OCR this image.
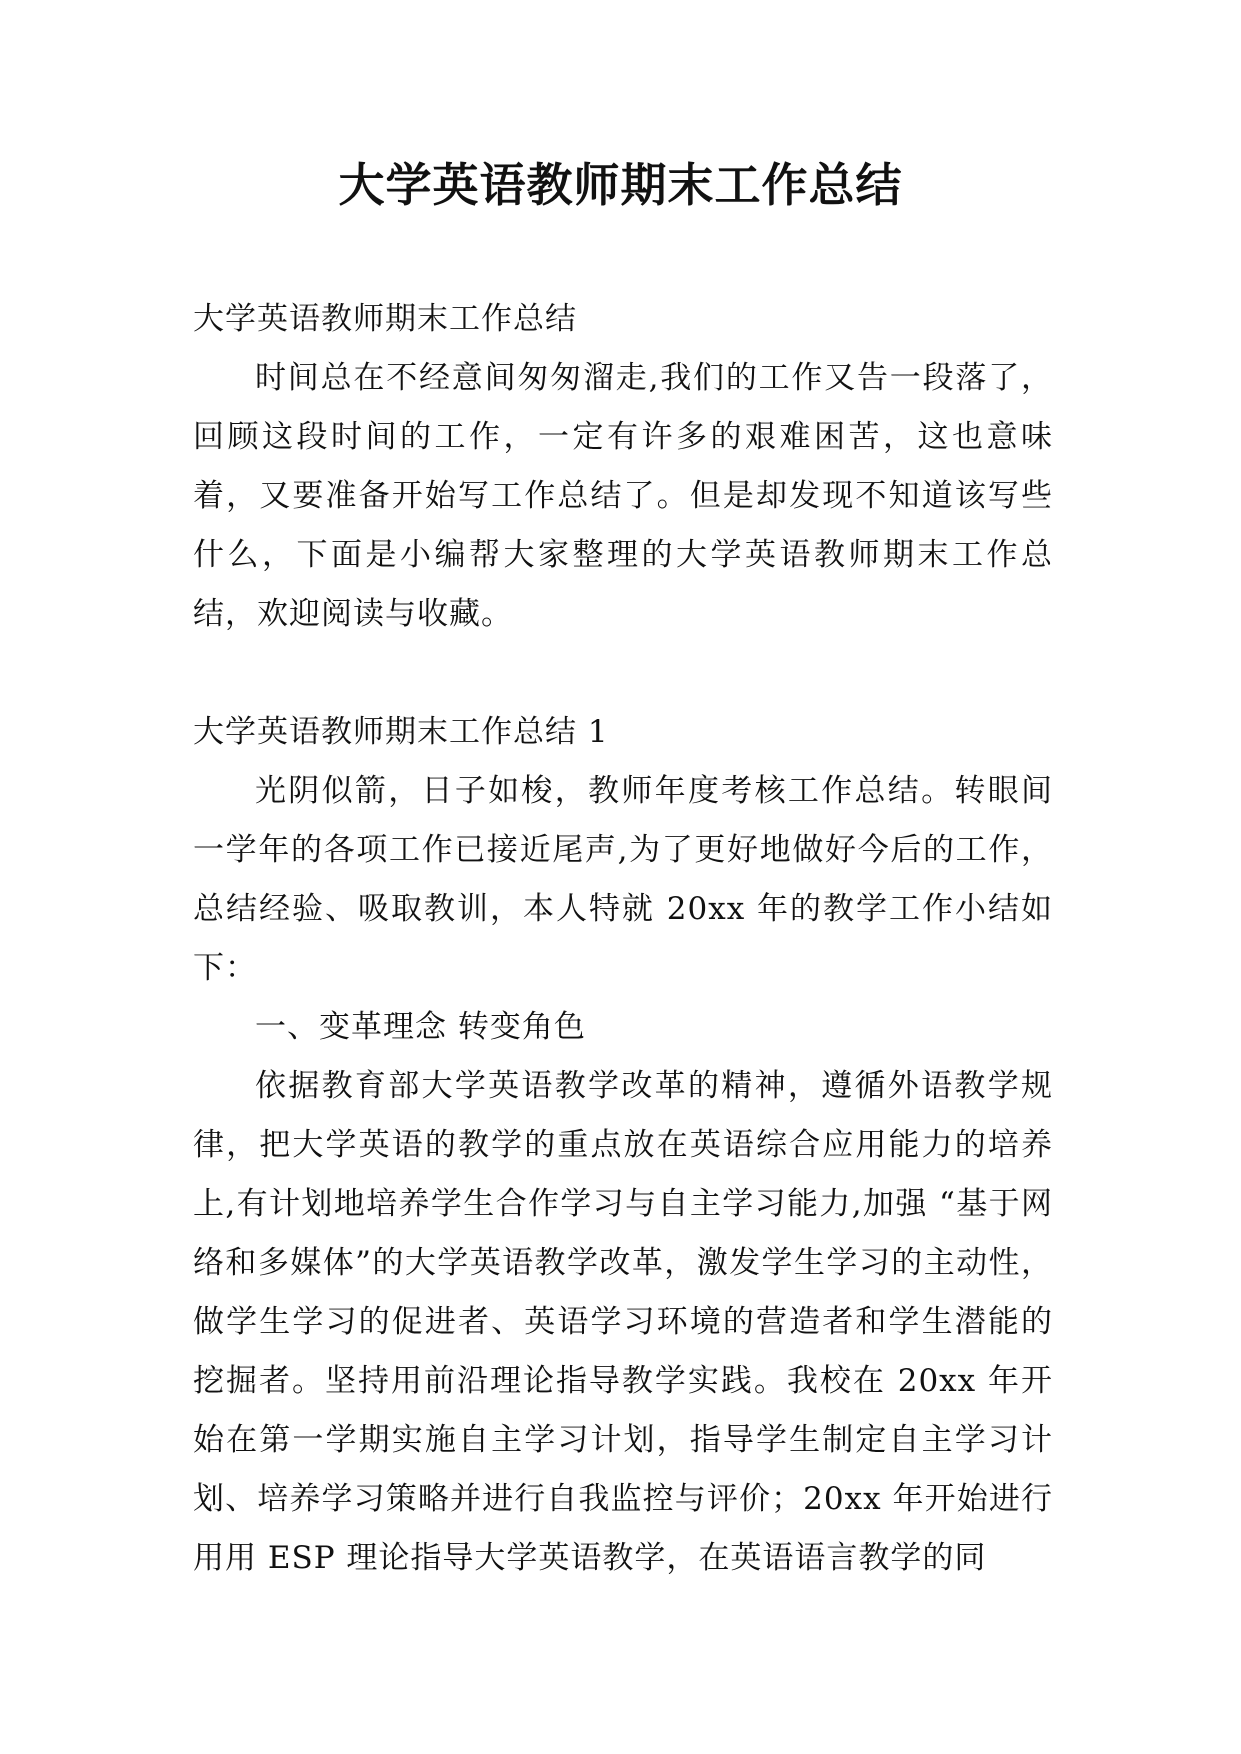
大学英语教师期末工作总结

大学英语教师期末工作总结

时间总在不经意间匆匆溜走,我们的工作又告一段落了，回顾这段时间的工作，一定有许多的艰难困苦，这也意味着，又要准备开始写工作总结了。但是却发现不知道该写些什么，下面是小编帮大家整理的大学英语教师期末工作总结，欢迎阅读与收藏。

大学英语教师期末工作总结 1

光阴似箭，日子如梭，教师年度考核工作总结。转眼间一学年的各项工作已接近尾声,为了更好地做好今后的工作，总结经验、吸取教训，本人特就 20xx 年的教学工作小结如下：

一、变革理念 转变角色

依据教育部大学英语教学改革的精神，遵循外语教学规律，把大学英语的教学的重点放在英语综合应用能力的培养上,有计划地培养学生合作学习与自主学习能力,加强 “基于网络和多媒体”的大学英语教学改革，激发学生学习的主动性，做学生学习的促进者、英语学习环境的营造者和学生潜能的挖掘者。坚持用前沿理论指导教学实践。我校在 20xx 年开始在第一学期实施自主学习计划，指导学生制定自主学习计划、培养学习策略并进行自我监控与评价；20xx 年开始进行用用 ESP 理论指导大学英语教学，在英语语言教学的同
